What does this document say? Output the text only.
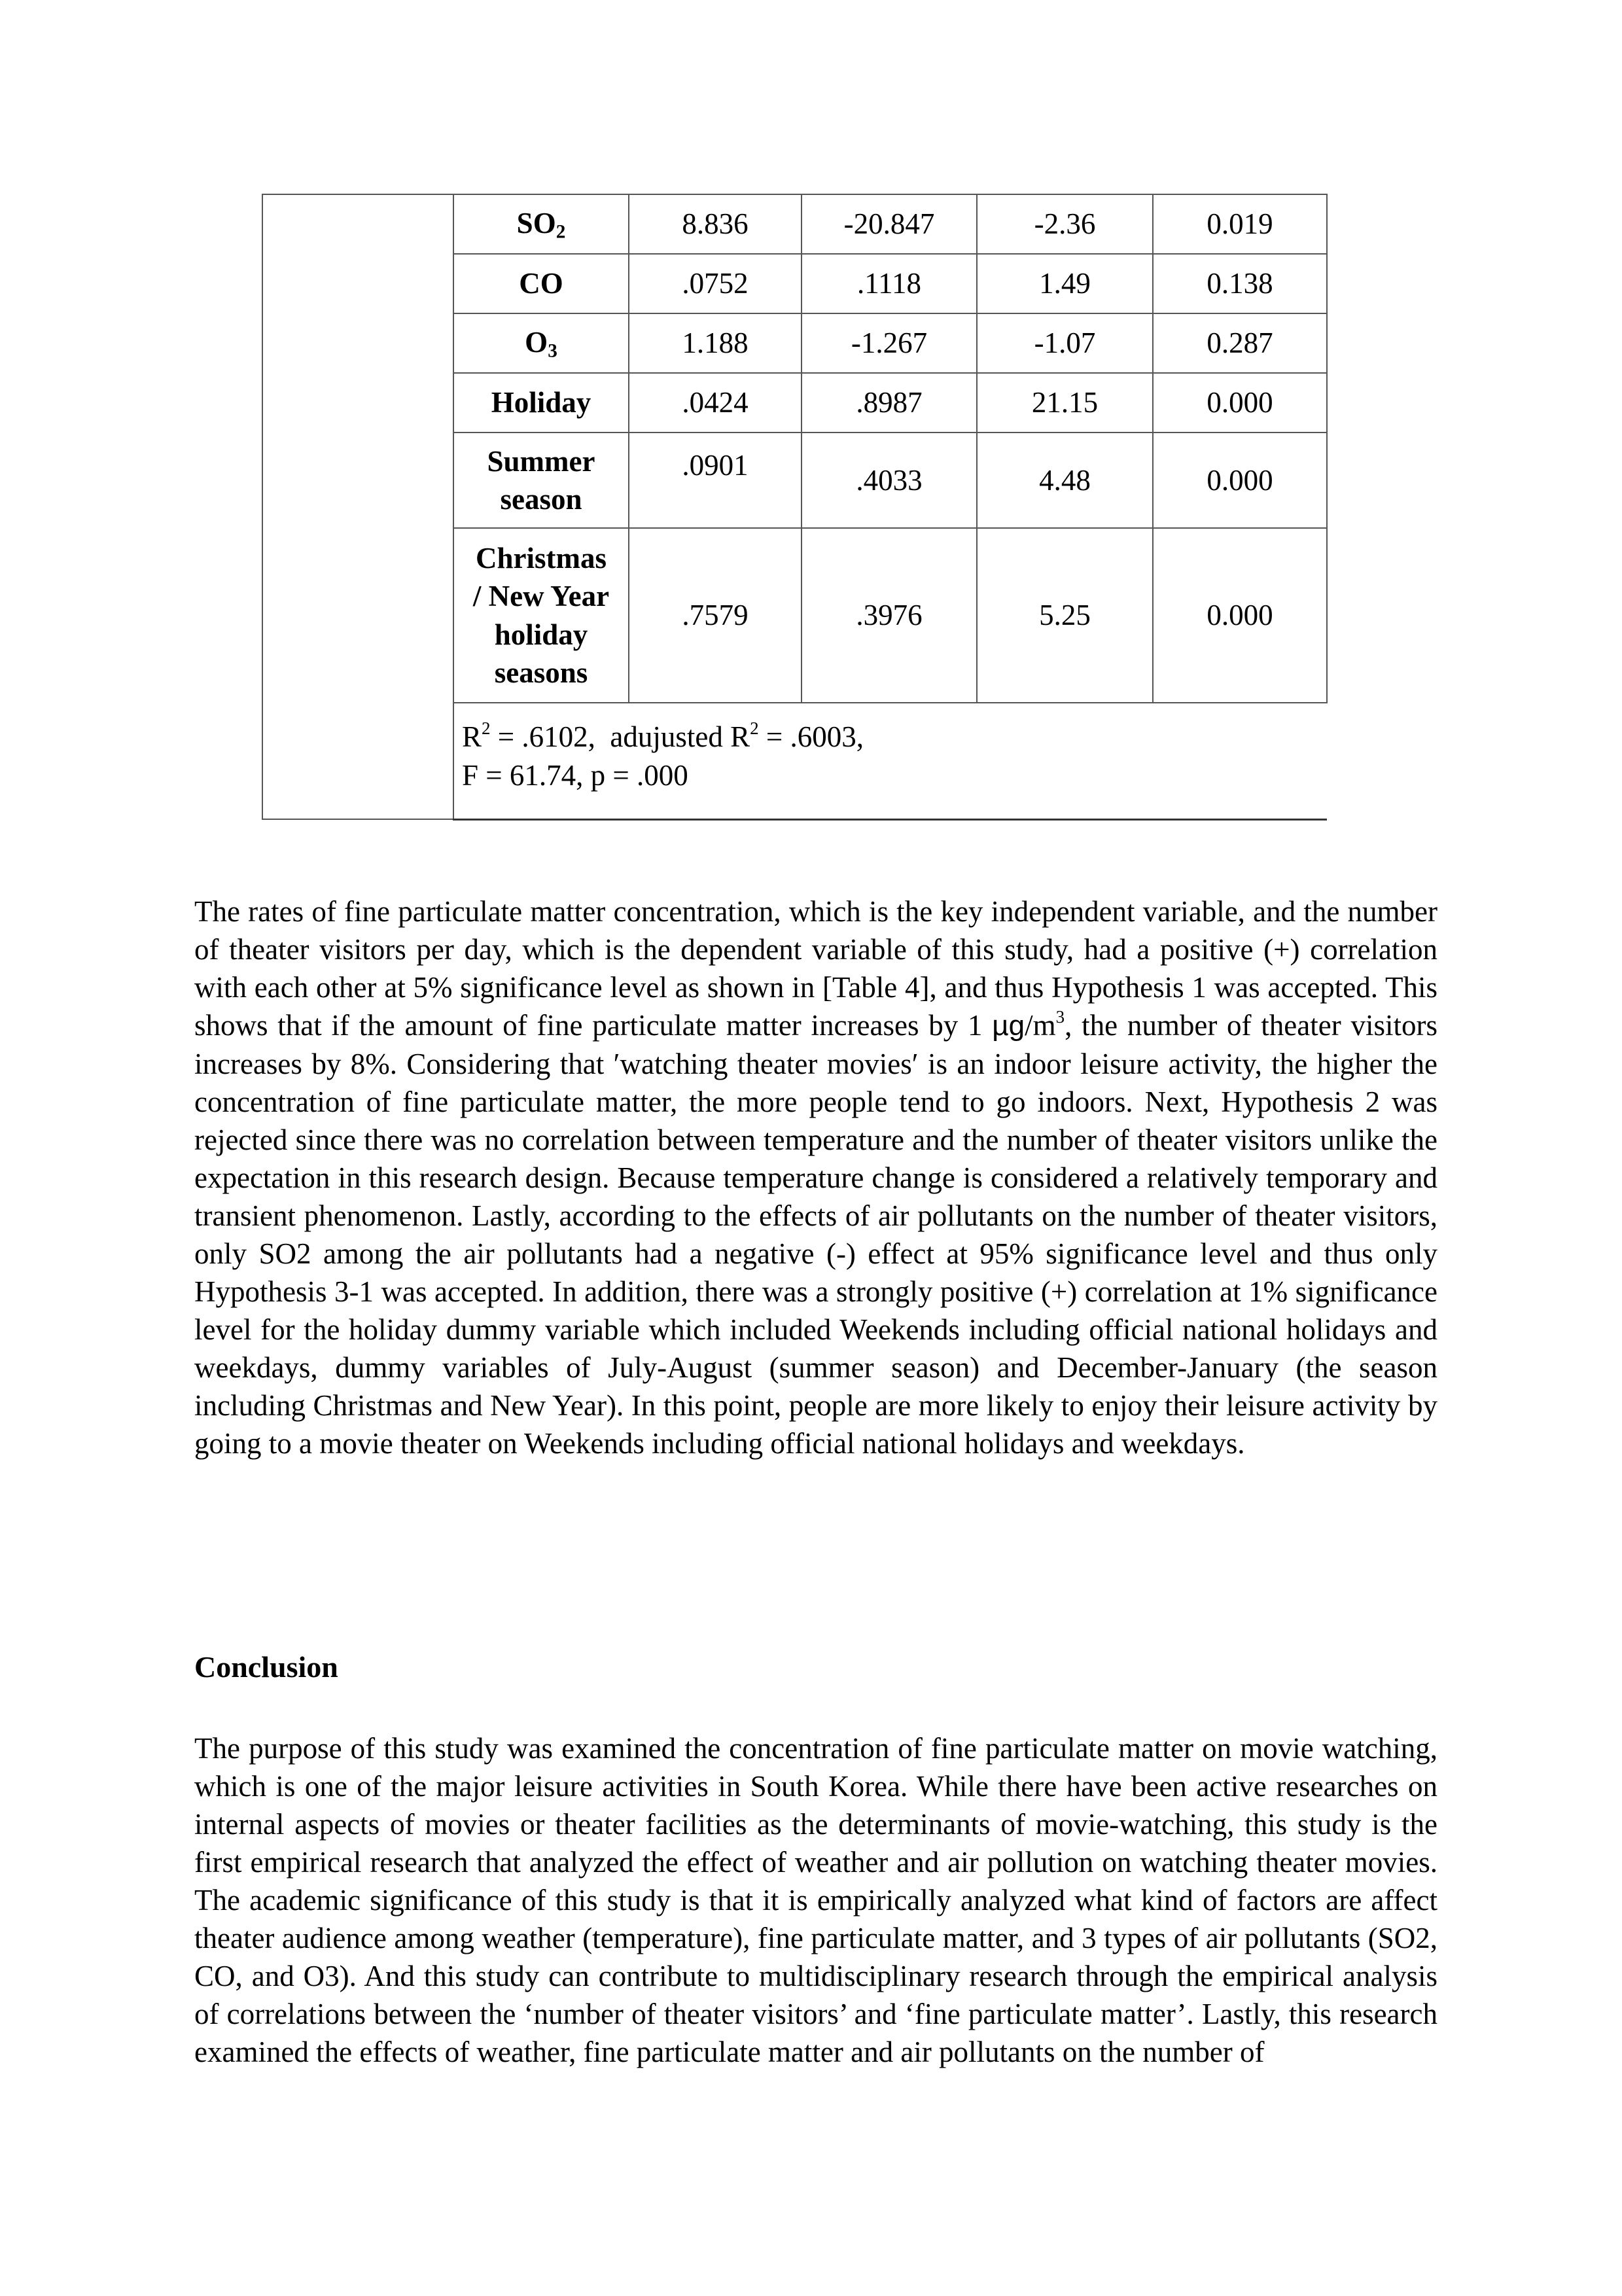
	$SO_2$	8.836	-20.847	-2.36	0.019
	CO	.0752	.1118	1.49	0.138
	$O_3$	1.188	-1.267	-1.07	0.287
	Holiday	.0424	.8987	21.15	0.000
	Summer season	.0901	.4033	4.48	0.000
	Christmas / New Year holiday seasons	.7579	.3976	5.25	0.000

	$R^2 = .6102$,  adujusted $R^2 = .6003$,
F = 61.74, p = .000				

The rates of fine particulate matter concentration, which is the key independent variable, and the number of theater visitors per day, which is the dependent variable of this study, had a positive (+) correlation with each other at 5% significance level as shown in [Table 4], and thus Hypothesis 1 was accepted. This shows that if the amount of fine particulate matter increases by 1 $\mu g/m^3$, the number of theater visitors increases by 8%. Considering that ′watching theater movies′ is an indoor leisure activity, the higher the concentration of fine particulate matter, the more people tend to go indoors. Next, Hypothesis 2 was rejected since there was no correlation between temperature and the number of theater visitors unlike the expectation in this research design. Because temperature change is considered a relatively temporary and transient phenomenon. Lastly, according to the effects of air pollutants on the number of theater visitors, only SO2 among the air pollutants had a negative (-) effect at 95% significance level and thus only Hypothesis 3-1 was accepted. In addition, there was a strongly positive (+) correlation at 1% significance level for the holiday dummy variable which included Weekends including official national holidays and weekdays, dummy variables of July-August (summer season) and December-January (the season including Christmas and New Year). In this point, people are more likely to enjoy their leisure activity by going to a movie theater on Weekends including official national holidays and weekdays.

Conclusion

The purpose of this study was examined the concentration of fine particulate matter on movie watching, which is one of the major leisure activities in South Korea. While there have been active researches on internal aspects of movies or theater facilities as the determinants of movie-watching, this study is the first empirical research that analyzed the effect of weather and air pollution on watching theater movies. The academic significance of this study is that it is empirically analyzed what kind of factors are affect theater audience among weather (temperature), fine particulate matter, and 3 types of air pollutants (SO2, CO, and O3). And this study can contribute to multidisciplinary research through the empirical analysis of correlations between the ‘number of theater visitors’ and ‘fine particulate matter’. Lastly, this research examined the effects of weather, fine particulate matter and air pollutants on the number of
